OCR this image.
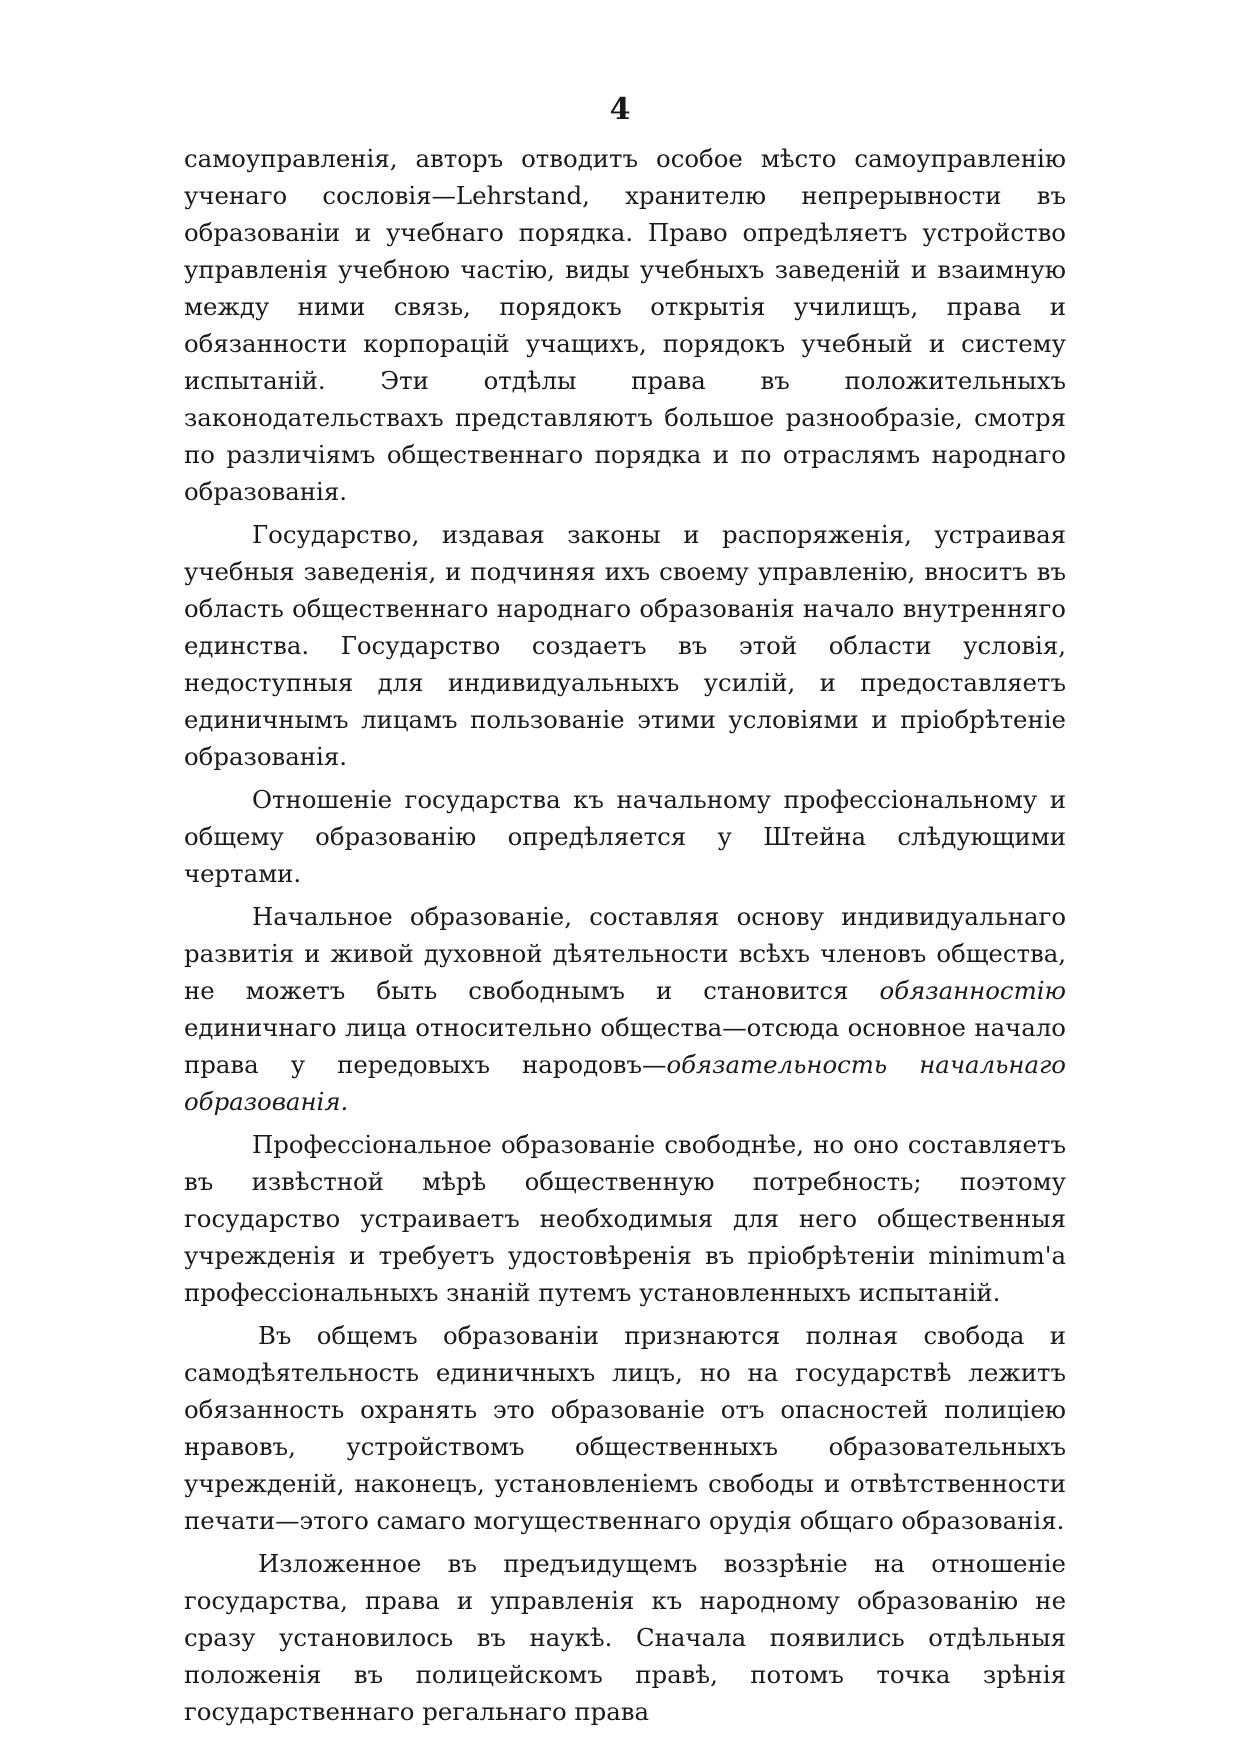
4

самоуправленія, авторъ отводитъ особое мѣсто самоуправленію ученаго сословія—Lehrstand, хранителю непрерывности въ образованіи и учебнаго порядка. Право опредѣляетъ устройство управленія учебною частію, виды учебныхъ заведеній и взаимную между ними связь, порядокъ открытія училищъ, права и обязанности корпорацій учащихъ, порядокъ учебный и систему испытаній. Эти отдѣлы права въ положительныхъ законодательствахъ представляютъ большое разнообразіе, смотря по различіямъ общественнаго порядка и по отраслямъ народнаго образованія.

Государство, издавая законы и распоряженія, устраивая учебныя заведенія, и подчиняя ихъ своему управленію, вноситъ въ область общественнаго народнаго образованія начало внутренняго единства. Государство создаетъ въ этой области условія, недоступныя для индивидуальныхъ усилій, и предоставляетъ единичнымъ лицамъ пользованіе этими условіями и пріобрѣтеніе образованія.

Отношеніе государства къ начальному профессіональному и общему образованію опредѣляется у Штейна слѣдующими чертами.

Начальное образованіе, составляя основу индивидуальнаго развитія и живой духовной дѣятельности всѣхъ членовъ общества, не можетъ быть свободнымъ и становится обязанностію единичнаго лица относительно общества—отсюда основное начало права у передовыхъ народовъ—обязательность начальнаго образованія.

Профессіональное образованіе свободнѣе, но оно составляетъ въ извѣстной мѣрѣ общественную потребность; поэтому государство устраиваетъ необходимыя для него общественныя учрежденія и требуетъ удостовѣренія въ пріобрѣтеніи minimum'а профессіональныхъ знаній путемъ установленныхъ испытаній.

Въ общемъ образованіи признаются полная свобода и самодѣятельность единичныхъ лицъ, но на государствѣ лежитъ обязанность охранять это образованіе отъ опасностей полиціею нравовъ, устройствомъ общественныхъ образовательныхъ учрежденій, наконецъ, установленіемъ свободы и отвѣтственности печати—этого самаго могущественнаго орудія общаго образованія.

Изложенное въ предъидущемъ воззрѣніе на отношеніе государства, права и управленія къ народному образованію не сразу установилось въ наукѣ. Сначала появились отдѣльныя положенія въ полицейскомъ правѣ, потомъ точка зрѣнія государственнаго регальнаго права
